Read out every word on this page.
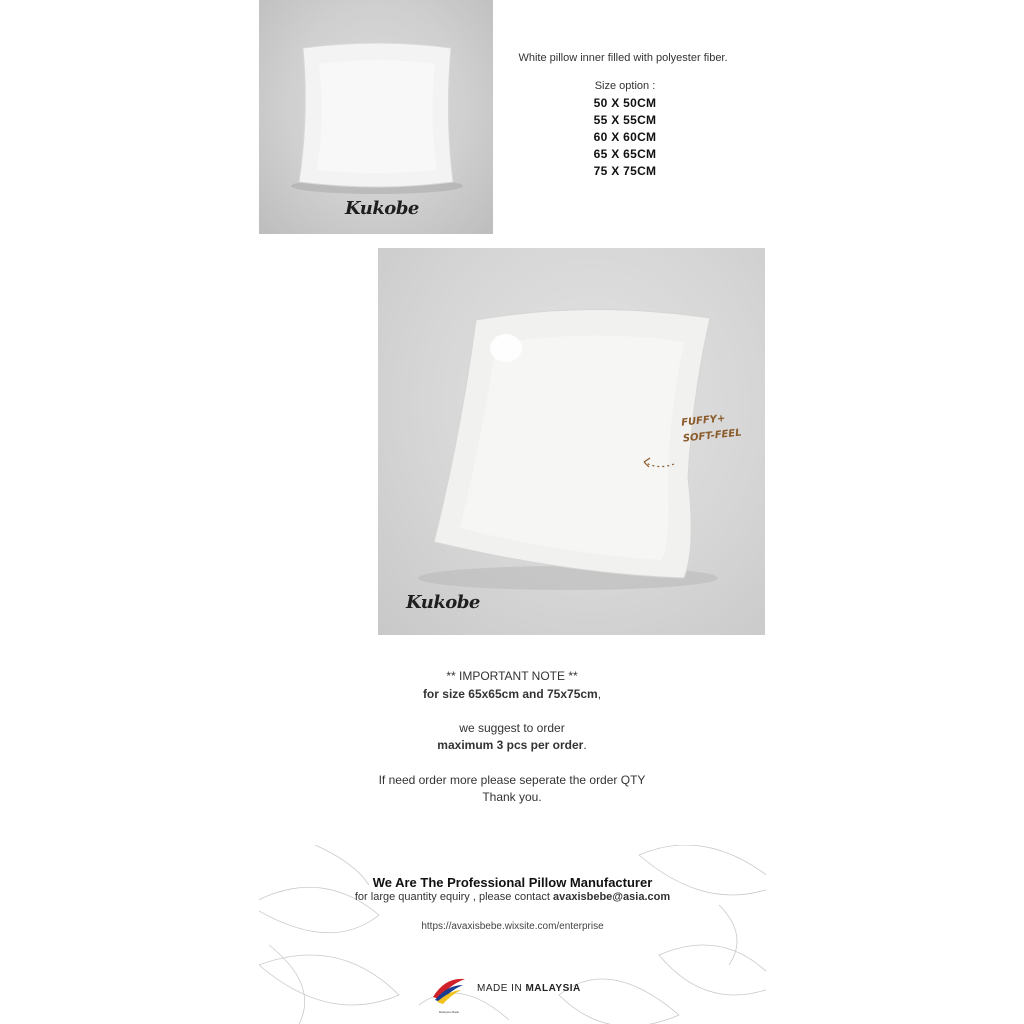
Kukobe
White pillow inner filled with polyester fiber.
Size option :
50 X 50CM
55 X 55CM
60 X 60CM
65 X 65CM
75 X 75CM
FUFFY+
SOFT-FEEL
Kukobe
** IMPORTANT NOTE **
for size 65x65cm and 75x75cm,
we suggest to order
maximum 3 pcs per order.
If need order more please seperate the order QTY
Thank you.
We Are The Professional Pillow Manufacturer
for large quantity equiry , please contact avaxisbebe@asia.com
https://avaxisbebe.wixsite.com/enterprise
Malaysia Made
MADE IN MALAYSIA
